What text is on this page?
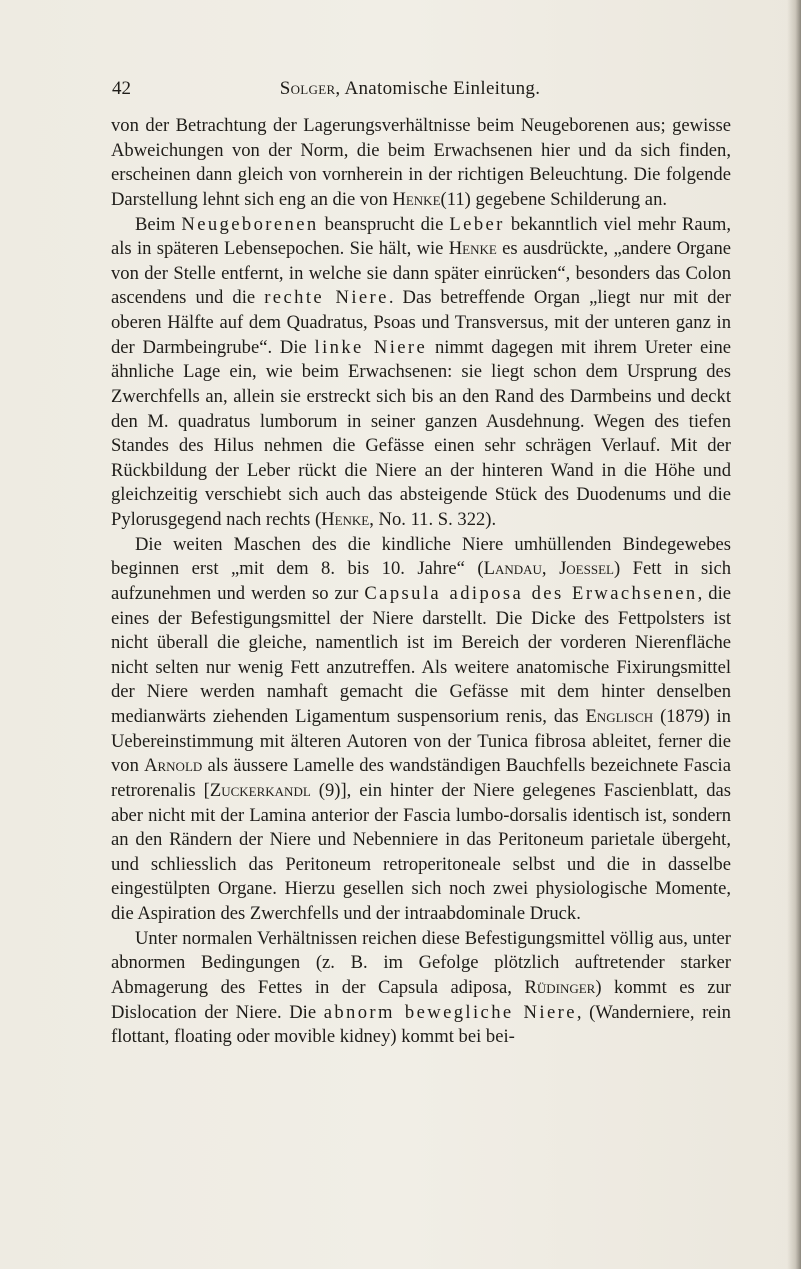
42	Solger, Anatomische Einleitung.

von der Betrachtung der Lagerungsverhältnisse beim Neugeborenen aus; gewisse Abweichungen von der Norm, die beim Erwachsenen hier und da sich finden, erscheinen dann gleich von vornherein in der richtigen Beleuchtung. Die folgende Darstellung lehnt sich eng an die von Henke(11) gegebene Schilderung an.

Beim Neugeborenen beansprucht die Leber bekanntlich viel mehr Raum, als in späteren Lebensepochen. Sie hält, wie Henke es ausdrückte, „andere Organe von der Stelle entfernt, in welche sie dann später einrücken“, besonders das Colon ascendens und die rechte Niere. Das betreffende Organ „liegt nur mit der oberen Hälfte auf dem Quadratus, Psoas und Transversus, mit der unteren ganz in der Darmbeingrube“. Die linke Niere nimmt dagegen mit ihrem Ureter eine ähnliche Lage ein, wie beim Erwachsenen: sie liegt schon dem Ursprung des Zwerchfells an, allein sie erstreckt sich bis an den Rand des Darmbeins und deckt den M. quadratus lumborum in seiner ganzen Ausdehnung. Wegen des tiefen Standes des Hilus nehmen die Gefässe einen sehr schrägen Verlauf. Mit der Rückbildung der Leber rückt die Niere an der hinteren Wand in die Höhe und gleichzeitig verschiebt sich auch das absteigende Stück des Duodenums und die Pylorusgegend nach rechts (Henke, No. 11. S. 322).

Die weiten Maschen des die kindliche Niere umhüllenden Bindegewebes beginnen erst „mit dem 8. bis 10. Jahre“ (Landau, Joessel) Fett in sich aufzunehmen und werden so zur Capsula adiposa des Erwachsenen, die eines der Befestigungsmittel der Niere darstellt. Die Dicke des Fettpolsters ist nicht überall die gleiche, namentlich ist im Bereich der vorderen Nierenfläche nicht selten nur wenig Fett anzutreffen. Als weitere anatomische Fixirungsmittel der Niere werden namhaft gemacht die Gefässe mit dem hinter denselben medianwärts ziehenden Ligamentum suspensorium renis, das Englisch (1879) in Uebereinstimmung mit älteren Autoren von der Tunica fibrosa ableitet, ferner die von Arnold als äussere Lamelle des wandständigen Bauchfells bezeichnete Fascia retrorenalis [Zuckerkandl (9)], ein hinter der Niere gelegenes Fascienblatt, das aber nicht mit der Lamina anterior der Fascia lumbo-dorsalis identisch ist, sondern an den Rändern der Niere und Nebenniere in das Peritoneum parietale übergeht, und schliesslich das Peritoneum retroperitoneale selbst und die in dasselbe eingestülpten Organe. Hierzu gesellen sich noch zwei physiologische Momente, die Aspiration des Zwerchfells und der intraabdominale Druck.

Unter normalen Verhältnissen reichen diese Befestigungsmittel völlig aus, unter abnormen Bedingungen (z. B. im Gefolge plötzlich auftretender starker Abmagerung des Fettes in der Capsula adiposa, Rüdinger) kommt es zur Dislocation der Niere. Die abnorm bewegliche Niere, (Wanderniere, rein flottant, floating oder movible kidney) kommt bei bei-
